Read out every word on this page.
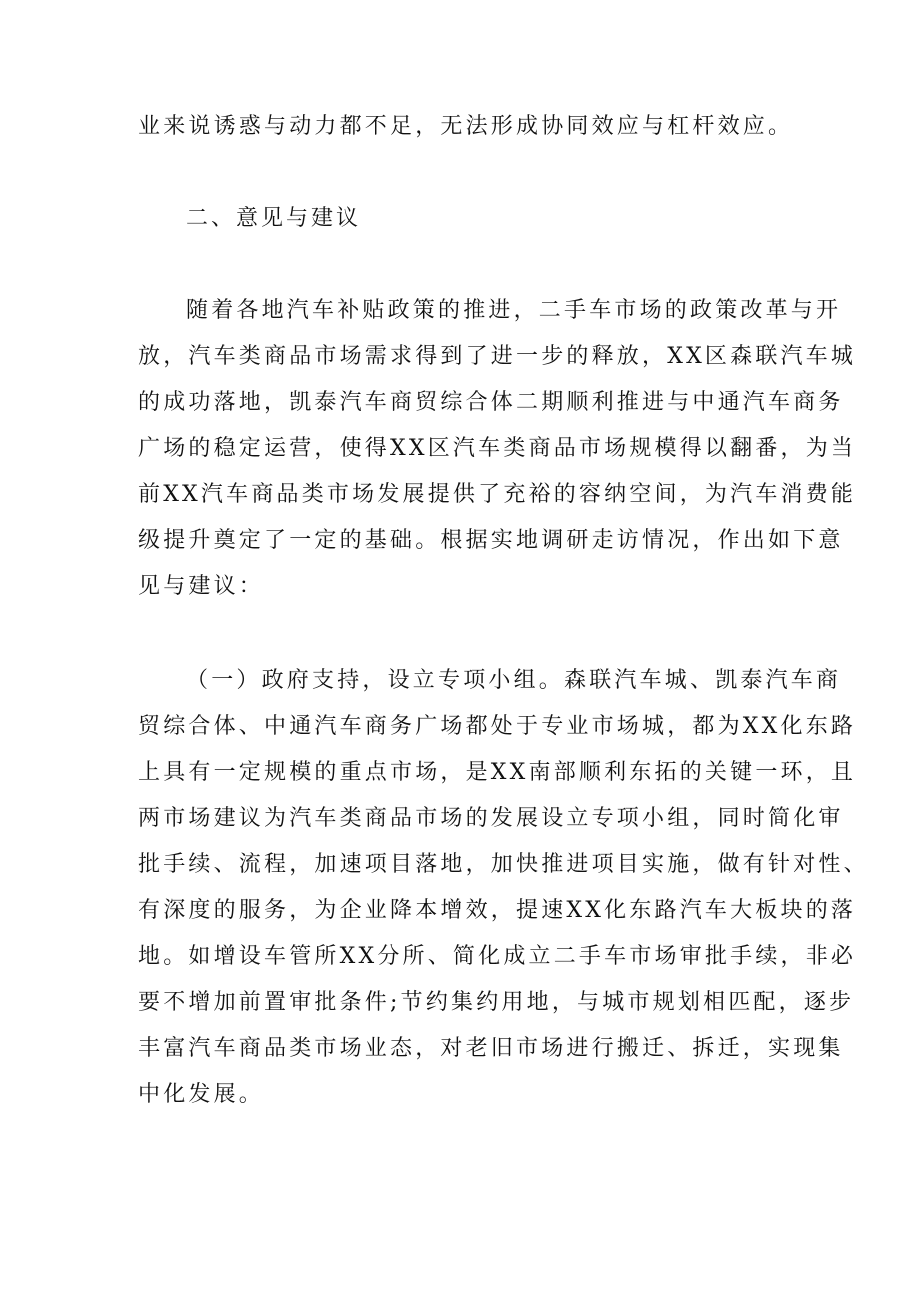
业来说诱惑与动力都不足，无法形成协同效应与杠杆效应。
二、意见与建议
随着各地汽车补贴政策的推进，二手车市场的政策改革与开
放，汽车类商品市场需求得到了进一步的释放，XX区森联汽车城
的成功落地，凯泰汽车商贸综合体二期顺利推进与中通汽车商务
广场的稳定运营，使得XX区汽车类商品市场规模得以翻番，为当
前XX汽车商品类市场发展提供了充裕的容纳空间，为汽车消费能
级提升奠定了一定的基础。根据实地调研走访情况，作出如下意
见与建议：
（一）政府支持，设立专项小组。森联汽车城、凯泰汽车商
贸综合体、中通汽车商务广场都处于专业市场城，都为XX化东路
上具有一定规模的重点市场，是XX南部顺利东拓的关键一环，且
两市场建议为汽车类商品市场的发展设立专项小组，同时简化审
批手续、流程，加速项目落地，加快推进项目实施，做有针对性、
有深度的服务，为企业降本增效，提速XX化东路汽车大板块的落
地。如增设车管所XX分所、简化成立二手车市场审批手续，非必
要不增加前置审批条件;节约集约用地，与城市规划相匹配，逐步
丰富汽车商品类市场业态，对老旧市场进行搬迁、拆迁，实现集
中化发展。
